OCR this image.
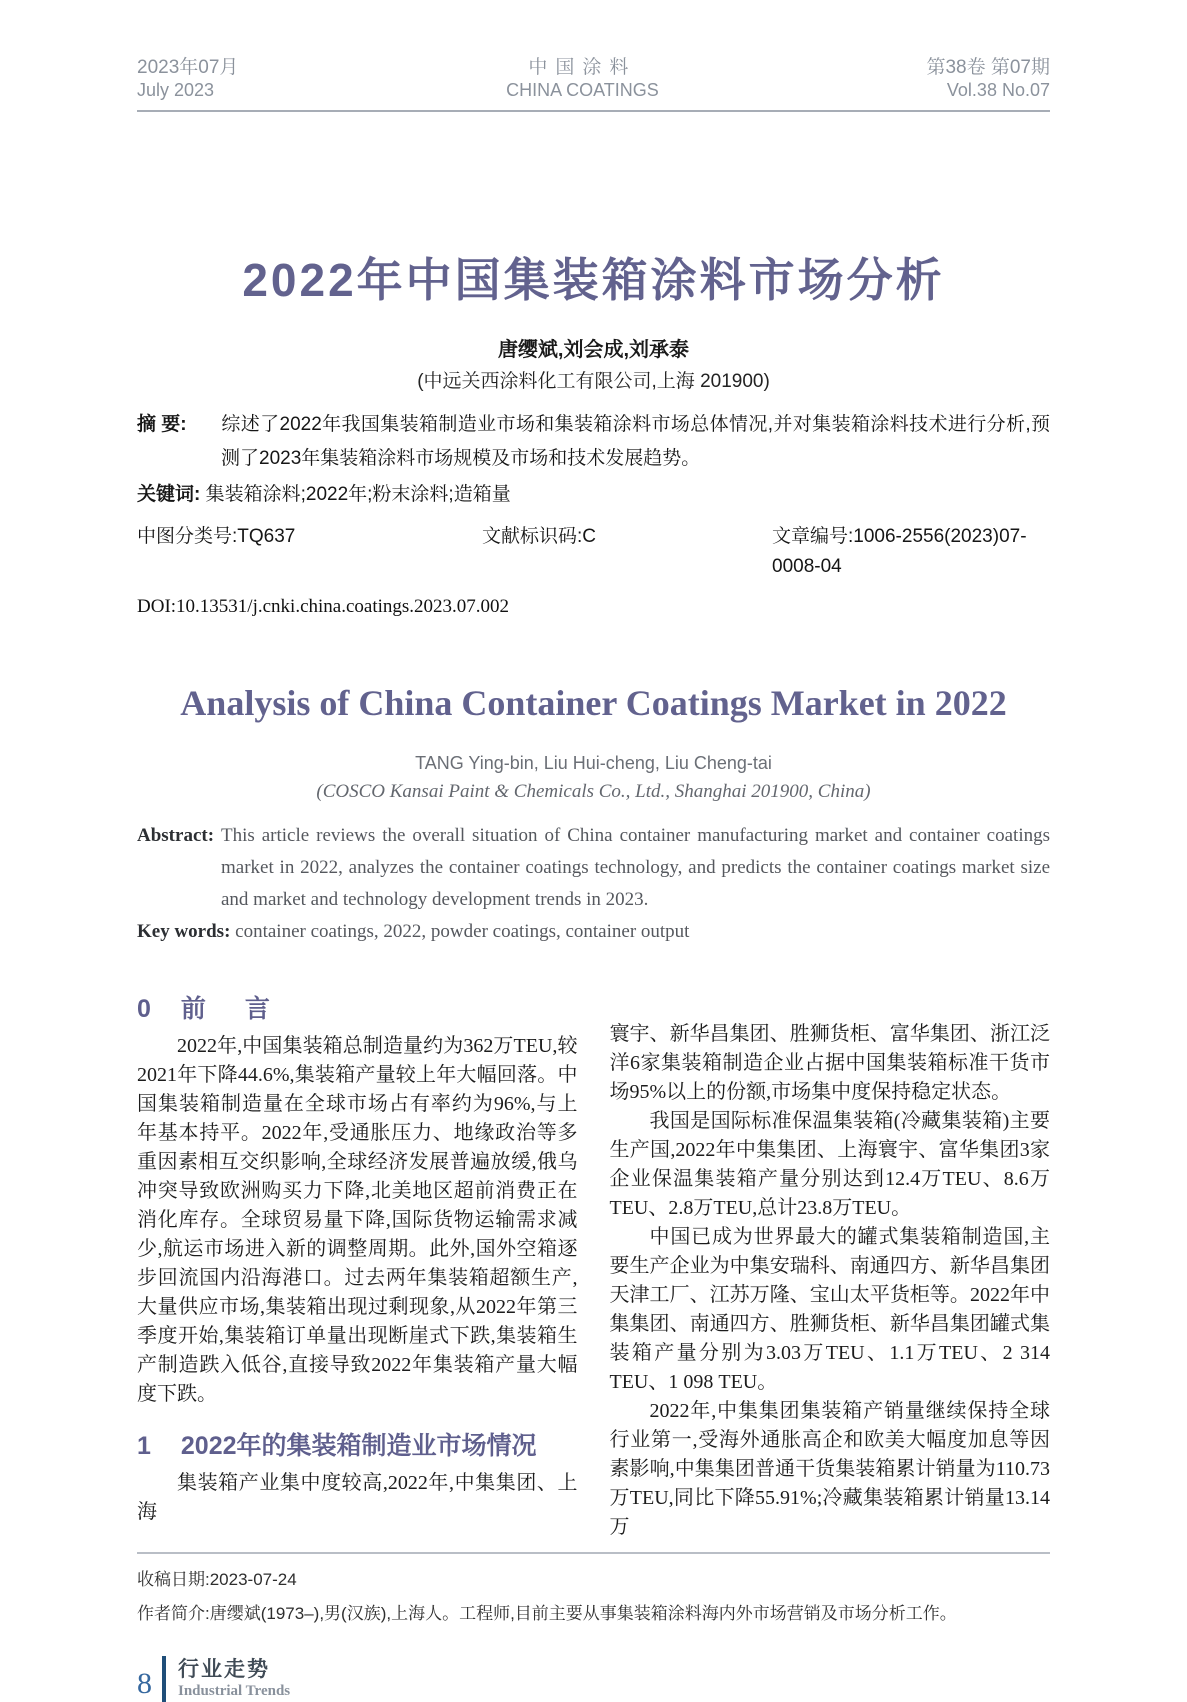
2023年07月
July 2023
中国涂料
CHINA COATINGS
第38卷 第07期
Vol.38 No.07
2022年中国集装箱涂料市场分析
唐缨斌,刘会成,刘承泰
(中远关西涂料化工有限公司,上海 201900)
摘 要: 综述了2022年我国集装箱制造业市场和集装箱涂料市场总体情况,并对集装箱涂料技术进行分析,预测了2023年集装箱涂料市场规模及市场和技术发展趋势。
关键词: 集装箱涂料;2022年;粉末涂料;造箱量
中图分类号:TQ637	文献标识码:C	文章编号:1006-2556(2023)07-0008-04
DOI:10.13531/j.cnki.china.coatings.2023.07.002
Analysis of China Container Coatings Market in 2022
TANG Ying-bin, Liu Hui-cheng, Liu Cheng-tai
(COSCO Kansai Paint & Chemicals Co., Ltd., Shanghai 201900, China)
Abstract: This article reviews the overall situation of China container manufacturing market and container coatings market in 2022, analyzes the container coatings technology, and predicts the container coatings market size and market and technology development trends in 2023.
Key words: container coatings, 2022, powder coatings, container output
0 前 言

2022年,中国集装箱总制造量约为362万TEU,较2021年下降44.6%,集装箱产量较上年大幅回落。中国集装箱制造量在全球市场占有率约为96%,与上年基本持平。2022年,受通胀压力、地缘政治等多重因素相互交织影响,全球经济发展普遍放缓,俄乌冲突导致欧洲购买力下降,北美地区超前消费正在消化库存。全球贸易量下降,国际货物运输需求减少,航运市场进入新的调整周期。此外,国外空箱逐步回流国内沿海港口。过去两年集装箱超额生产,大量供应市场,集装箱出现过剩现象,从2022年第三季度开始,集装箱订单量出现断崖式下跌,集装箱生产制造跌入低谷,直接导致2022年集装箱产量大幅度下跌。

1 2022年的集装箱制造业市场情况

集装箱产业集中度较高,2022年,中集集团、上海

寰宇、新华昌集团、胜狮货柜、富华集团、浙江泛洋6家集装箱制造企业占据中国集装箱标准干货市场95%以上的份额,市场集中度保持稳定状态。

我国是国际标准保温集装箱(冷藏集装箱)主要生产国,2022年中集集团、上海寰宇、富华集团3家企业保温集装箱产量分别达到12.4万TEU、8.6万TEU、2.8万TEU,总计23.8万TEU。

中国已成为世界最大的罐式集装箱制造国,主要生产企业为中集安瑞科、南通四方、新华昌集团天津工厂、江苏万隆、宝山太平货柜等。2022年中集集团、南通四方、胜狮货柜、新华昌集团罐式集装箱产量分别为3.03万TEU、1.1万TEU、2 314 TEU、1 098 TEU。

2022年,中集集团集装箱产销量继续保持全球行业第一,受海外通胀高企和欧美大幅度加息等因素影响,中集集团普通干货集装箱累计销量为110.73万TEU,同比下降55.91%;冷藏集装箱累计销量13.14万

收稿日期:2023-07-24
作者简介:唐缨斌(1973–),男(汉族),上海人。工程师,目前主要从事集装箱涂料海内外市场营销及市场分析工作。
8 行业走势
Industrial Trends
